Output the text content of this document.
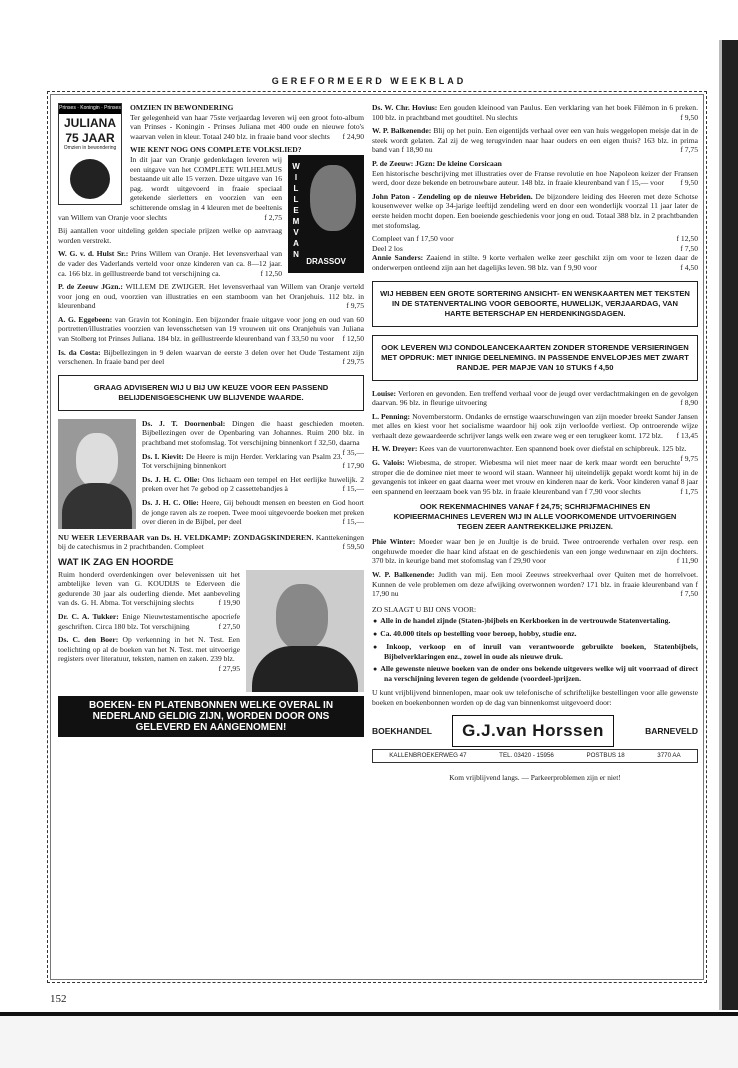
GEREFORMEERD WEEKBLAD
Prinses · Koningin · Prinses
JULIANA
75 JAAR
Omzien in bewondering

OMZIEN IN BEWONDERING
Ter gelegenheid van haar 75ste verjaardag leveren wij een groot foto-album van Prinses - Koningin - Prinses Juliana met 400 oude en nieuwe foto's waarvan velen in kleur. Totaal 240 blz. in fraaie band voor slechts f 24,90

WIE KENT NOG ONS COMPLETE VOLKSLIED?

W
I
L
L
E
M
V
A
N
DRASSOV
In dit jaar van Oranje gedenkdagen leveren wij een uitgave van het COMPLETE WILHELMUS bestaande uit alle 15 verzen. Deze uitgave van 16 pag. wordt uitgevoerd in fraaie speciaal getekende sierletters en voorzien van een schitterende omslag in 4 kleuren met de beeltenis van Willem van Oranje voor slechts	f 2,75

Bij aantallen voor uitdeling gelden speciale prijzen welke op aanvraag worden verstrekt.

W. G. v. d. Hulst Sr.: Prins Willem van Oranje. Het levensverhaal van de vader des Vaderlands verteld voor onze kinderen van ca. 8—12 jaar. ca. 166 blz. in geïllustreerde band tot verschijning ca.	f 12,50

P. de Zeeuw JGzn.: WILLEM DE ZWIJGER. Het levensverhaal van Willem van Oranje verteld voor jong en oud, voorzien van illustraties en een stamboom van het Oranjehuis. 112 blz. in kleurenband	f 9,75

A. G. Eggebeen: van Gravin tot Koningin. Een bijzonder fraaie uitgave voor jong en oud van 60 portretten/illustraties voorzien van levensschetsen van 19 vrouwen uit ons Oranjehuis van Juliana van Stolberg tot Prinses Juliana. 184 blz. in geïllustreerde kleurenband van f 33,50 nu voor f 12,50

Is. da Costa: Bijbellezingen in 9 delen waarvan de eerste 3 delen over het Oude Testament zijn verschenen. In fraaie band per deel	f 29,75

GRAAG ADVISEREN WIJ U BIJ UW KEUZE VOOR EEN PASSEND BELIJDENISGESCHENK UW BLIJVENDE WAARDE.

Ds. J. T. Doornenbal: Dingen die haast geschieden moeten. Bijbellezingen over de Openbaring van Johannes. Ruim 200 blz. in prachtband met stofomslag. Tot verschijning binnenkort f 32,50, daarna
f 35,—

Ds. I. Kievit: De Heere is mijn Herder. Verklaring van Psalm 23. Tot verschijning binnenkort	f 17,90

Ds. J. H. C. Olie: Ons lichaam een tempel en Het eerlijke huwelijk. 2 preken over het 7e gebod op 2 cassettebandjes à	f 15,—

Ds. J. H. C. Olie: Heere, Gij behoudt mensen en beesten en God hoort de jonge raven als ze roepen. Twee mooi uitgevoerde boeken met preken over dieren in de Bijbel, per deel	f 15,—

NU WEER LEVERBAAR van Ds. H. VELDKAMP: ZONDAGSKINDEREN. Kanttekeningen bij de catechismus in 2 prachtbanden. Compleet	f 59,50

WAT IK ZAG EN HOORDE

Ruim honderd overdenkingen over belevenissen uit het ambtelijke leven van G. KOUDIJS te Ederveen die gedurende 30 jaar als ouderling diende. Met aanbeveling van ds. G. H. Abma. Tot verschijning slechts	f 19,90

Dr. C. A. Tukker: Enige Nieuwtestamentische apocriefe geschriften. Circa 180 blz. Tot verschijning	f 27,50

Ds. C. den Boer: Op verkenning in het N. Test. Een toelichting op al de boeken van het N. Test. met uitvoerige registers over literatuur, teksten, namen en zaken. 239 blz.
f 27,95

BOEKEN- EN PLATENBONNEN WELKE OVERAL IN NEDERLAND GELDIG ZIJN, WORDEN DOOR ONS GELEVERD EN AANGENOMEN!

Ds. W. Chr. Hovius: Een gouden kleinood van Paulus. Een verklaring van het boek Filémon in 6 preken. 100 blz. in prachtband met goudtitel. Nu slechts	f 9,50

W. P. Balkenende: Blij op het puin. Een eigentijds verhaal over een van huis weggelopen meisje dat in de steek wordt gelaten. Zal zij de weg terugvinden naar haar ouders en een eigen thuis? 163 blz. in prima band van f 18,90 nu	f 7,75

P. de Zeeuw: JGzn: De kleine Corsicaan
Een historische beschrijving met illustraties over de Franse revolutie en hoe Napoleon keizer der Fransen werd, door deze bekende en betrouwbare auteur. 148 blz. in fraaie kleurenband van f 15,— voor f 9,50

John Paton - Zendeling op de nieuwe Hebriden. De bijzondere leiding des Heeren met deze Schotse kousenwever welke op 34-jarige leeftijd zendeling werd en door een wonderlijk voorzal 11 jaar later de eerste heiden mocht dopen. Een boeiende geschiedenis voor jong en oud. Totaal 388 blz. in 2 prachtbanden met stofomslag.

Compleet van f 17,50 voor	f 12,50

Deel 2 los	f 7,50

Annie Sanders: Zaaiend in stilte. 9 korte verhalen welke zeer geschikt zijn om voor te lezen daar de onderwerpen ontleend zijn aan het dagelijks leven. 98 blz. van f 9,90 voor	f 4,50

WIJ HEBBEN EEN GROTE SORTERING ANSICHT- EN WENSKAARTEN MET TEKSTEN IN DE STATENVERTALING VOOR GEBOORTE, HUWELIJK, VERJAARDAG, VAN HARTE BETERSCHAP EN HERDENKINGSDAGEN.
OOK LEVEREN WIJ CONDOLEANCEKAARTEN ZONDER STORENDE VERSIERINGEN MET OPDRUK: MET INNIGE DEELNEMING. IN PASSENDE ENVELOPJES MET ZWART RANDJE. PER MAPJE VAN 10 STUKS f 4,50

Louise: Verloren en gevonden. Een treffend verhaal voor de jeugd over verdachtmakingen en de gevolgen daarvan. 96 blz. in fleurige uitvoering	f 8,90

L. Penning: Novemberstorm. Ondanks de ernstige waarschuwingen van zijn moeder breekt Sander Jansen met alles en kiest voor het socialisme waardoor hij ook zijn verloofde verliest. Op ontroerende wijze verhaalt deze gewaardeerde schrijver langs welk een zware weg er een terugkeer komt. 172 blz. f 13,45

H. W. Dreyer: Kees van de vuurtorenwachter. Een spannend boek over diefstal en schipbreuk. 125 blz.
f 9,75

G. Valois: Wiebesma, de stroper. Wiebesma wil niet meer naar de kerk maar wordt een beruchte stroper die de dominee niet meer te woord wil staan. Wanneer hij uiteindelijk gepakt wordt komt hij in de gevangenis tot inkeer en gaat daarna weer met vrouw en kinderen naar de kerk. Voor kinderen vanaf 8 jaar een spannend en leerzaam boek van 95 blz. in fraaie kleurenband van f 7,90 voor slechts	f 1,75

OOK REKENMACHINES VANAF f 24,75; SCHRIJFMACHINES EN KOPIEERMACHINES LEVEREN WIJ IN ALLE VOORKOMENDE UITVOERINGEN TEGEN ZEER AANTREKKELIJKE PRIJZEN.

Phie Winter: Moeder waar ben je en Juultje is de bruid. Twee ontroerende verhalen over resp. een ongehuwde moeder die haar kind afstaat en de geschiedenis van een jonge weduwnaar en zijn dochters. 370 blz. in keurige band met stofomslag van f 29,90 voor	f 11,90

W. P. Balkenende: Judith van mij. Een mooi Zeeuws streekverhaal over Quiten met de horrelvoet. Kunnen de vele problemen om deze afwijking overwonnen worden? 171 blz. in fraaie kleurenband van f 17,90 nu	f 7,50

ZO SLAAGT U BIJ ONS VOOR:

● Alle in de handel zijnde (Staten-)bijbels en Kerkboeken in de vertrouwde Statenvertaling.
● Ca. 40.000 titels op bestelling voor beroep, hobby, studie enz.
● Inkoop, verkoop en of inruil van verantwoorde gebruikte boeken, Statenbijbels, Bijbelverklaringen enz., zowel in oude als nieuwe druk.
● Alle gewenste nieuwe boeken van de onder ons bekende uitgevers welke wij uit voorraad of direct na verschijning leveren tegen de geldende (voordeel-)prijzen.

U kunt vrijblijvend binnenlopen, maar ook uw telefonische of schriftelijke bestellingen voor alle gewenste boeken en boekenbonnen worden op de dag van binnenkomst uitgevoerd door:

BOEKHANDEL	G.J.van Horssen	BARNEVELD
KALLENBROEKERWEG 47	TEL. 03420 - 15956	POSTBUS 18	3770 AA
Kom vrijblijvend langs. — Parkeerproblemen zijn er niet!
152
